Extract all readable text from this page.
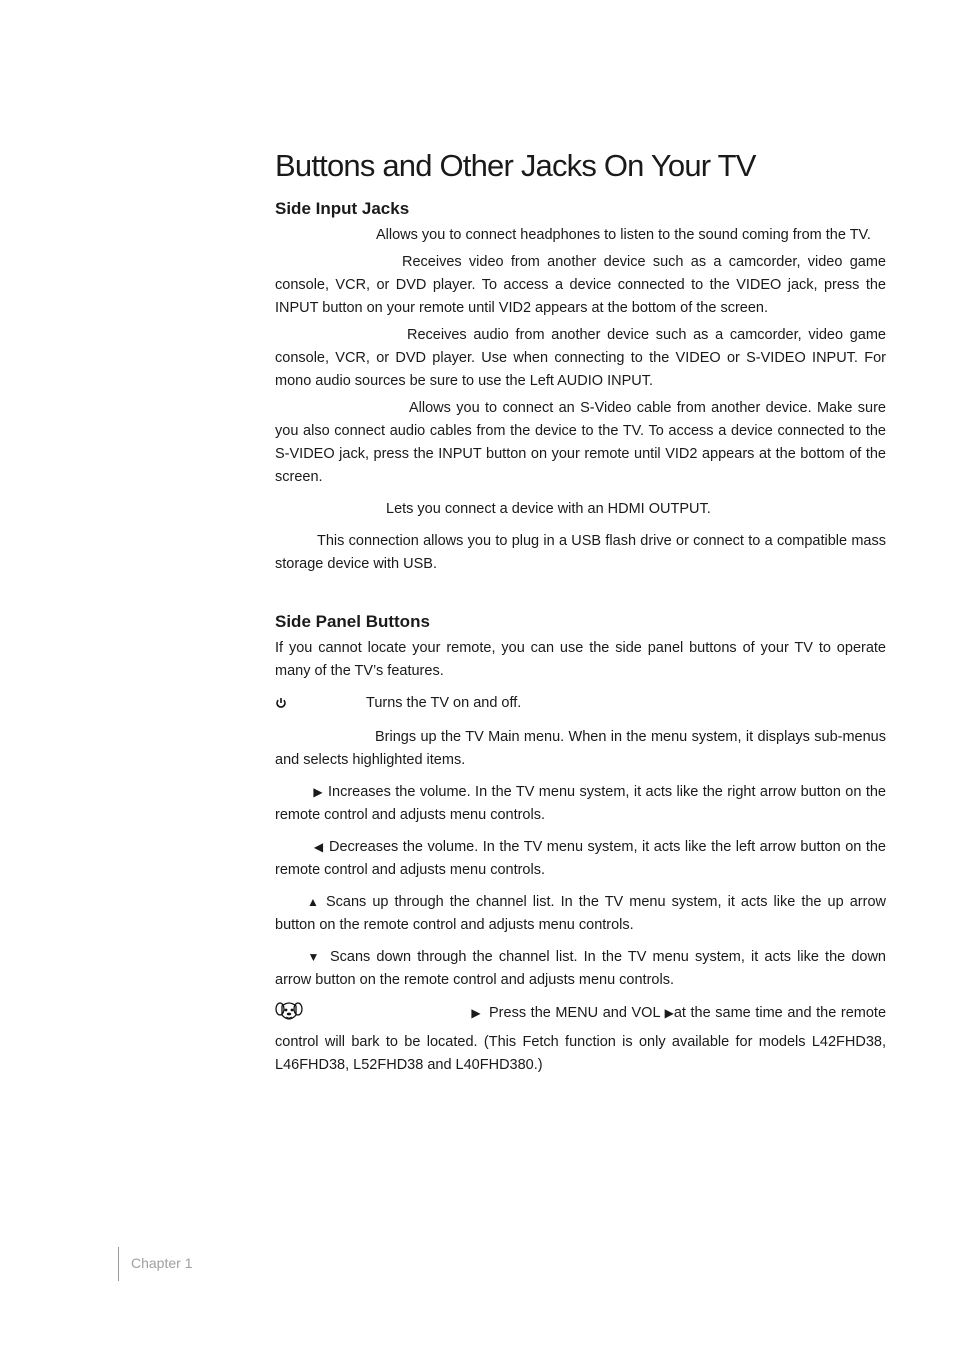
Buttons and Other Jacks On Your TV
Side Input Jacks

Allows you to connect headphones to listen to the sound coming from the TV.

Receives video from another device such as a camcorder, video game console, VCR, or DVD player. To access a device connected to the VIDEO jack, press the INPUT button on your remote until VID2 appears at the bottom of the screen.

Receives audio from another device such as a camcorder, video game console, VCR, or DVD player. Use when connecting to the VIDEO or S-VIDEO INPUT. For mono audio sources be sure to use the Left AUDIO INPUT.

Allows you to connect an S-Video cable from another device. Make sure you also connect audio cables from the device to the TV. To access a device connected to the S-VIDEO jack, press the INPUT button on your remote until VID2 appears at the bottom of the screen.

Lets you connect a device with an HDMI OUTPUT.

This connection allows you to plug in a USB flash drive or connect to a compatible mass storage device with USB.

Side Panel Buttons

If you cannot locate your remote, you can use the side panel buttons of your TV to operate many of the TV’s features.

Turns the TV on and off.

Brings up the TV Main menu. When in the menu system, it displays sub-menus and selects highlighted items.

▶ Increases the volume. In the TV menu system, it acts like the right arrow button on the remote control and adjusts menu controls.

◀ Decreases the volume. In the TV menu system, it acts like the left arrow button on the remote control and adjusts menu controls.

▲ Scans up through the channel list. In the TV menu system, it acts like the up arrow button on the remote control and adjusts menu controls.

▼ Scans down through the channel list. In the TV menu system, it acts like the down arrow button on the remote control and adjusts menu controls.

▶ Press the MENU and VOL ▶at the same time and the remote control will bark to be located. (This Fetch function is only available for models L42FHD38, L46FHD38, L52FHD38 and L40FHD380.)

Chapter 1
